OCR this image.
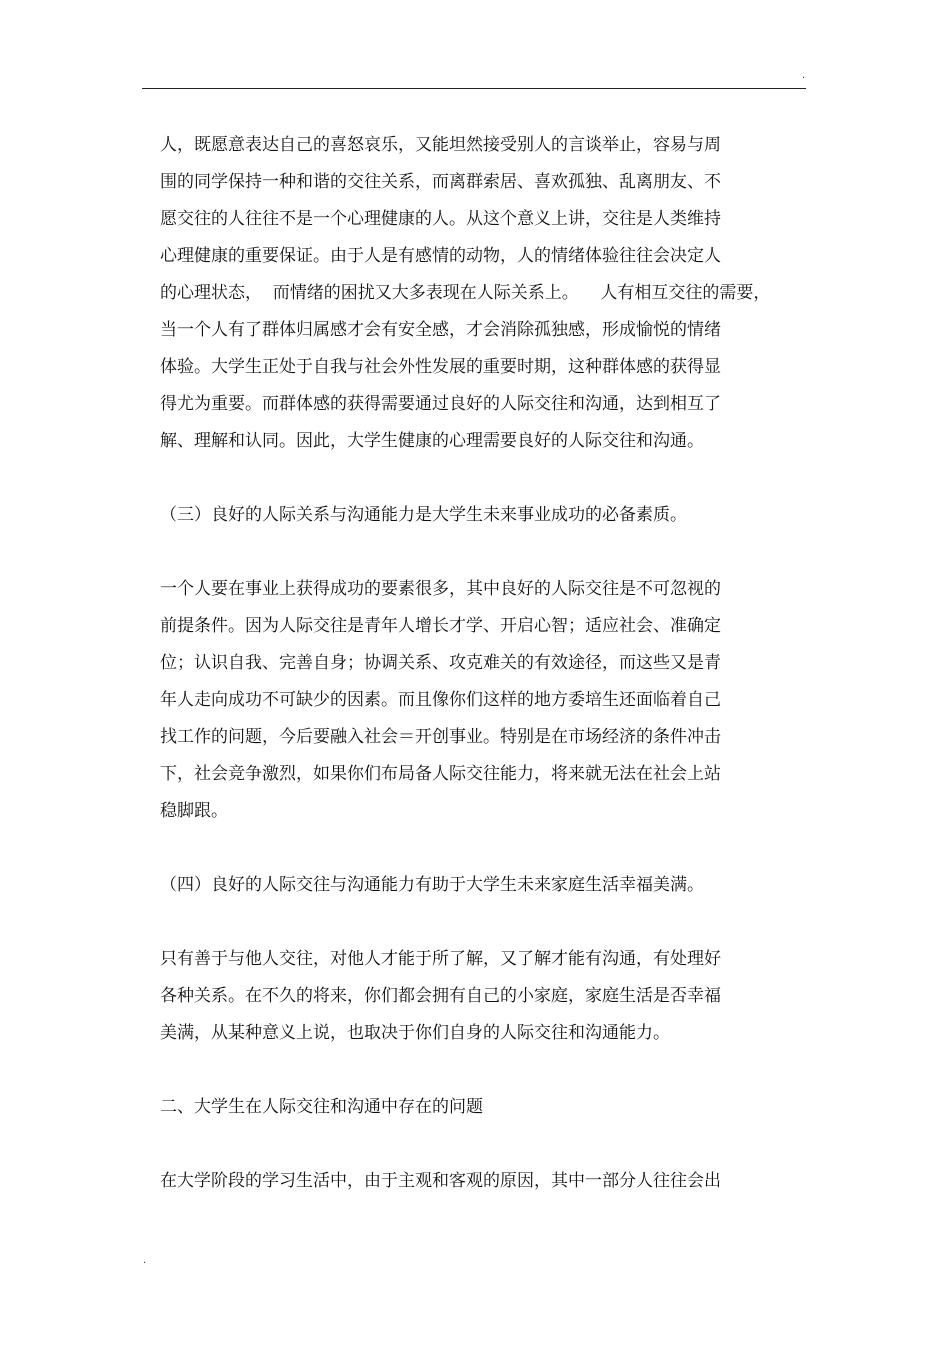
.
人，既愿意表达自己的喜怒哀乐，又能坦然接受别人的言谈举止，容易与周
围的同学保持一种和谐的交往关系，而离群索居、喜欢孤独、乱离朋友、不
愿交往的人往往不是一个心理健康的人。从这个意义上讲，交往是人类维持
心理健康的重要保证。由于人是有感情的动物，人的情绪体验往往会决定人
的心理状态，  而情绪的困扰又大多表现在人际关系上。    人有相互交往的需要，
当一个人有了群体归属感才会有安全感，才会消除孤独感，形成愉悦的情绪
体验。大学生正处于自我与社会外性发展的重要时期，这种群体感的获得显
得尤为重要。而群体感的获得需要通过良好的人际交往和沟通，达到相互了
解、理解和认同。因此，大学生健康的心理需要良好的人际交往和沟通。
（三）良好的人际关系与沟通能力是大学生未来事业成功的必备素质。
一个人要在事业上获得成功的要素很多，其中良好的人际交往是不可忽视的
前提条件。因为人际交往是青年人增长才学、开启心智；适应社会、准确定
位；认识自我、完善自身；协调关系、攻克难关的有效途径，而这些又是青
年人走向成功不可缺少的因素。而且像你们这样的地方委培生还面临着自己
找工作的问题，今后要融入社会＝开创事业。特别是在市场经济的条件冲击
下，社会竞争激烈，如果你们布局备人际交往能力，将来就无法在社会上站
稳脚跟。
（四）良好的人际交往与沟通能力有助于大学生未来家庭生活幸福美满。
只有善于与他人交往，对他人才能于所了解，又了解才能有沟通，有处理好
各种关系。在不久的将来，你们都会拥有自己的小家庭，家庭生活是否幸福
美满，从某种意义上说，也取决于你们自身的人际交往和沟通能力。
二、大学生在人际交往和沟通中存在的问题
在大学阶段的学习生活中，由于主观和客观的原因，其中一部分人往往会出
.
